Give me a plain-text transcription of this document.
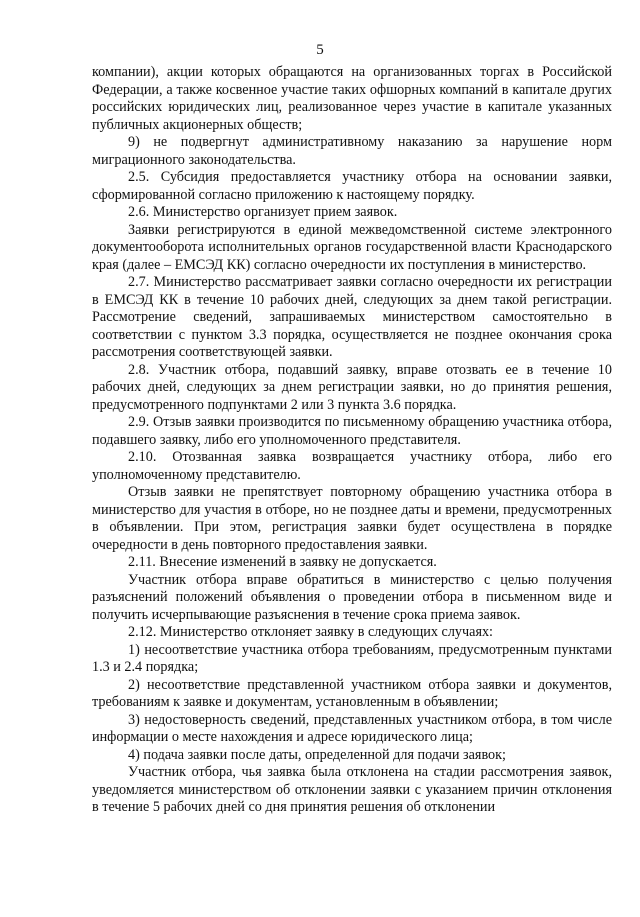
5

компании), акции которых обращаются на организованных торгах в Российской Федерации, а также косвенное участие таких офшорных компаний в капитале других российских юридических лиц, реализованное через участие в капитале указанных публичных акционерных обществ;

9) не подвергнут административному наказанию за нарушение норм миграционного законодательства.

2.5. Субсидия предоставляется участнику отбора на основании заявки, сформированной согласно приложению к настоящему порядку.

2.6. Министерство организует прием заявок.

Заявки регистрируются в единой межведомственной системе электронного документооборота исполнительных органов государственной власти Краснодарского края (далее – ЕМСЭД КК) согласно очередности их поступления в министерство.

2.7. Министерство рассматривает заявки согласно очередности их регистрации в ЕМСЭД КК в течение 10 рабочих дней, следующих за днем такой регистрации. Рассмотрение сведений, запрашиваемых министерством самостоятельно в соответствии с пунктом 3.3 порядка, осуществляется не позднее окончания срока рассмотрения соответствующей заявки.

2.8. Участник отбора, подавший заявку, вправе отозвать ее в течение 10 рабочих дней, следующих за днем регистрации заявки, но до принятия решения, предусмотренного подпунктами 2 или 3 пункта 3.6 порядка.

2.9. Отзыв заявки производится по письменному обращению участника отбора, подавшего заявку, либо его уполномоченного представителя.

2.10. Отозванная заявка возвращается участнику отбора, либо его уполномоченному представителю.

Отзыв заявки не препятствует повторному обращению участника отбора в министерство для участия в отборе, но не позднее даты и времени, предусмотренных в объявлении. При этом, регистрация заявки будет осуществлена в порядке очередности в день повторного предоставления заявки.

2.11. Внесение изменений в заявку не допускается.

Участник отбора вправе обратиться в министерство с целью получения разъяснений положений объявления о проведении отбора в письменном виде и получить исчерпывающие разъяснения в течение срока приема заявок.

2.12. Министерство отклоняет заявку в следующих случаях:

1) несоответствие участника отбора требованиям, предусмотренным пунктами 1.3 и 2.4 порядка;

2) несоответствие представленной участником отбора заявки и документов, требованиям к заявке и документам, установленным в объявлении;

3) недостоверность сведений, представленных участником отбора, в том числе информации о месте нахождения и адресе юридического лица;

4) подача заявки после даты, определенной для подачи заявок;

Участник отбора, чья заявка была отклонена на стадии рассмотрения заявок, уведомляется министерством об отклонении заявки с указанием причин отклонения в течение 5 рабочих дней со дня принятия решения об отклонении
